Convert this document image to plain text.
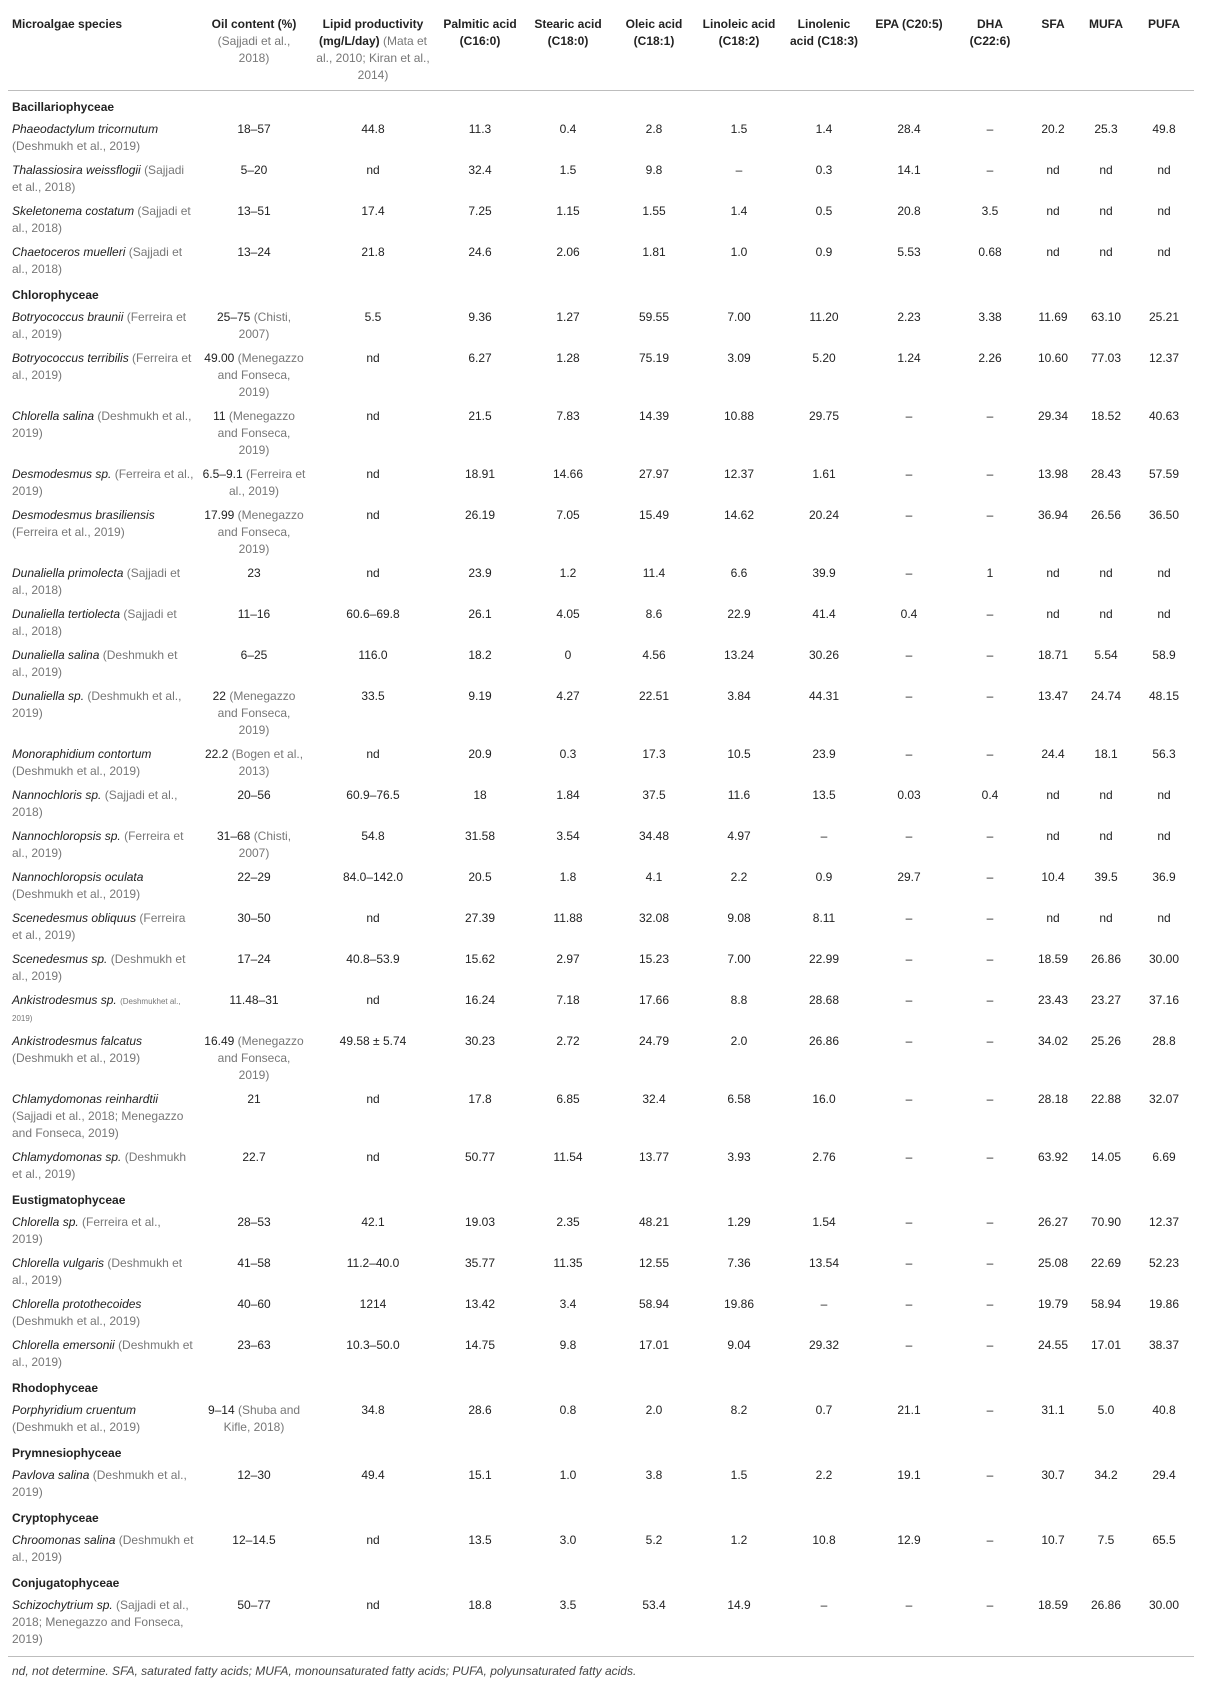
Microalgae species	Oil content (%) (Sajjadi et al., 2018)	Lipid productivity (mg/L/day) (Mata et al., 2010; Kiran et al., 2014)	Palmitic acid (C16:0)	Stearic acid (C18:0)	Oleic acid (C18:1)	Linoleic acid (C18:2)	Linolenic acid (C18:3)	EPA (C20:5)	DHA (C22:6)	SFA	MUFA	PUFA
Bacillariophyceae												
Phaeodactylum tricornutum (Deshmukh et al., 2019)	18–57	44.8	11.3	0.4	2.8	1.5	1.4	28.4	–	20.2	25.3	49.8
Thalassiosira weissflogii (Sajjadi et al., 2018)	5–20	nd	32.4	1.5	9.8	–	0.3	14.1	–	nd	nd	nd
Skeletonema costatum (Sajjadi et al., 2018)	13–51	17.4	7.25	1.15	1.55	1.4	0.5	20.8	3.5	nd	nd	nd
Chaetoceros muelleri (Sajjadi et al., 2018)	13–24	21.8	24.6	2.06	1.81	1.0	0.9	5.53	0.68	nd	nd	nd
Chlorophyceae												
Botryococcus braunii (Ferreira et al., 2019)	25–75 (Chisti, 2007)	5.5	9.36	1.27	59.55	7.00	11.20	2.23	3.38	11.69	63.10	25.21
Botryococcus terribilis (Ferreira et al., 2019)	49.00 (Menegazzo and Fonseca, 2019)	nd	6.27	1.28	75.19	3.09	5.20	1.24	2.26	10.60	77.03	12.37
Chlorella salina (Deshmukh et al., 2019)	11 (Menegazzo and Fonseca, 2019)	nd	21.5	7.83	14.39	10.88	29.75	–	–	29.34	18.52	40.63
Desmodesmus sp. (Ferreira et al., 2019)	6.5–9.1 (Ferreira et al., 2019)	nd	18.91	14.66	27.97	12.37	1.61	–	–	13.98	28.43	57.59
Desmodesmus brasiliensis (Ferreira et al., 2019)	17.99 (Menegazzo and Fonseca, 2019)	nd	26.19	7.05	15.49	14.62	20.24	–	–	36.94	26.56	36.50
Dunaliella primolecta (Sajjadi et al., 2018)	23	nd	23.9	1.2	11.4	6.6	39.9	–	1	nd	nd	nd
Dunaliella tertiolecta (Sajjadi et al., 2018)	11–16	60.6–69.8	26.1	4.05	8.6	22.9	41.4	0.4	–	nd	nd	nd
Dunaliella salina (Deshmukh et al., 2019)	6–25	116.0	18.2	0	4.56	13.24	30.26	–	–	18.71	5.54	58.9
Dunaliella sp. (Deshmukh et al., 2019)	22 (Menegazzo and Fonseca, 2019)	33.5	9.19	4.27	22.51	3.84	44.31	–	–	13.47	24.74	48.15
Monoraphidium contortum (Deshmukh et al., 2019)	22.2 (Bogen et al., 2013)	nd	20.9	0.3	17.3	10.5	23.9	–	–	24.4	18.1	56.3
Nannochloris sp. (Sajjadi et al., 2018)	20–56	60.9–76.5	18	1.84	37.5	11.6	13.5	0.03	0.4	nd	nd	nd
Nannochloropsis sp. (Ferreira et al., 2019)	31–68 (Chisti, 2007)	54.8	31.58	3.54	34.48	4.97	–	–	–	nd	nd	nd
Nannochloropsis oculata (Deshmukh et al., 2019)	22–29	84.0–142.0	20.5	1.8	4.1	2.2	0.9	29.7	–	10.4	39.5	36.9
Scenedesmus obliquus (Ferreira et al., 2019)	30–50	nd	27.39	11.88	32.08	9.08	8.11	–	–	nd	nd	nd
Scenedesmus sp. (Deshmukh et al., 2019)	17–24	40.8–53.9	15.62	2.97	15.23	7.00	22.99	–	–	18.59	26.86	30.00
Ankistrodesmus sp. (Deshmukhet al., 2019)	11.48–31	nd	16.24	7.18	17.66	8.8	28.68	–	–	23.43	23.27	37.16
Ankistrodesmus falcatus (Deshmukh et al., 2019)	16.49 (Menegazzo and Fonseca, 2019)	49.58 ± 5.74	30.23	2.72	24.79	2.0	26.86	–	–	34.02	25.26	28.8
Chlamydomonas reinhardtii (Sajjadi et al., 2018; Menegazzo and Fonseca, 2019)	21	nd	17.8	6.85	32.4	6.58	16.0	–	–	28.18	22.88	32.07
Chlamydomonas sp. (Deshmukh et al., 2019)	22.7	nd	50.77	11.54	13.77	3.93	2.76	–	–	63.92	14.05	6.69
Eustigmatophyceae												
Chlorella sp. (Ferreira et al., 2019)	28–53	42.1	19.03	2.35	48.21	1.29	1.54	–	–	26.27	70.90	12.37
Chlorella vulgaris (Deshmukh et al., 2019)	41–58	11.2–40.0	35.77	11.35	12.55	7.36	13.54	–	–	25.08	22.69	52.23
Chlorella protothecoides (Deshmukh et al., 2019)	40–60	1214	13.42	3.4	58.94	19.86	–	–	–	19.79	58.94	19.86
Chlorella emersonii (Deshmukh et al., 2019)	23–63	10.3–50.0	14.75	9.8	17.01	9.04	29.32	–	–	24.55	17.01	38.37
Rhodophyceae												
Porphyridium cruentum (Deshmukh et al., 2019)	9–14 (Shuba and Kifle, 2018)	34.8	28.6	0.8	2.0	8.2	0.7	21.1	–	31.1	5.0	40.8
Prymnesiophyceae												
Pavlova salina (Deshmukh et al., 2019)	12–30	49.4	15.1	1.0	3.8	1.5	2.2	19.1	–	30.7	34.2	29.4
Cryptophyceae												
Chroomonas salina (Deshmukh et al., 2019)	12–14.5	nd	13.5	3.0	5.2	1.2	10.8	12.9	–	10.7	7.5	65.5
Conjugatophyceae												
Schizochytrium sp. (Sajjadi et al., 2018; Menegazzo and Fonseca, 2019)	50–77	nd	18.8	3.5	53.4	14.9	–	–	–	18.59	26.86	30.00
nd, not determine. SFA, saturated fatty acids; MUFA, monounsaturated fatty acids; PUFA, polyunsaturated fatty acids.												
